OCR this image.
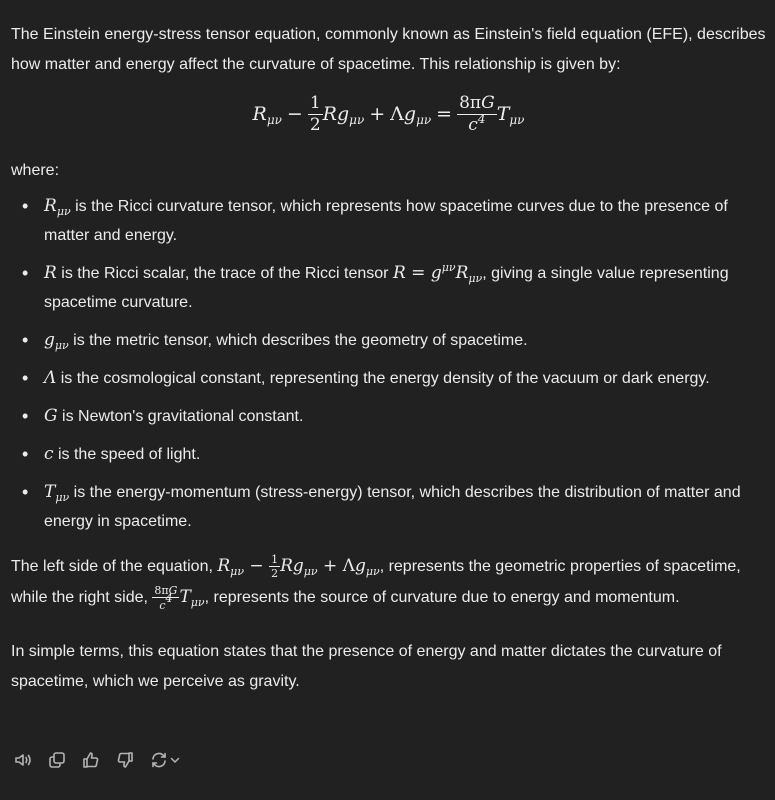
The Einstein energy-stress tensor equation, commonly known as Einstein's field equation (EFE), describes how matter and energy affect the curvature of spacetime. This relationship is given by:

$R_{\mu\nu} - \frac{1}{2}$ R $g_{\mu\nu} + \Lambda g_{\mu\nu} = \frac{8\pi G}{c^4} T_{\mu\nu}$

where:

• $R_{\mu\nu}$ is the Ricci curvature tensor, which represents how spacetime curves due to the presence of matter and energy.
• R is the Ricci scalar, the trace of the Ricci tensor $R = g^{\mu\nu}R_{\mu\nu}$, giving a single value representing spacetime curvature.
• $g_{\mu\nu}$ is the metric tensor, which describes the geometry of spacetime.
• Λ is the cosmological constant, representing the energy density of the vacuum or dark energy.
• G is Newton's gravitational constant.
• c is the speed of light.
• $T_{\mu\nu}$ is the energy-momentum (stress-energy) tensor, which describes the distribution of matter and energy in spacetime.

The left side of the equation, $R_{\mu\nu} - \frac{1}{2} Rg_{\mu\nu} + \Lambda g_{\mu\nu}$, represents the geometric properties of spacetime, while the right side, $\frac{8\pi G}{c^4} T_{\mu\nu}$, represents the source of curvature due to energy and momentum.

In simple terms, this equation states that the presence of energy and matter dictates the curvature of spacetime, which we perceive as gravity.
